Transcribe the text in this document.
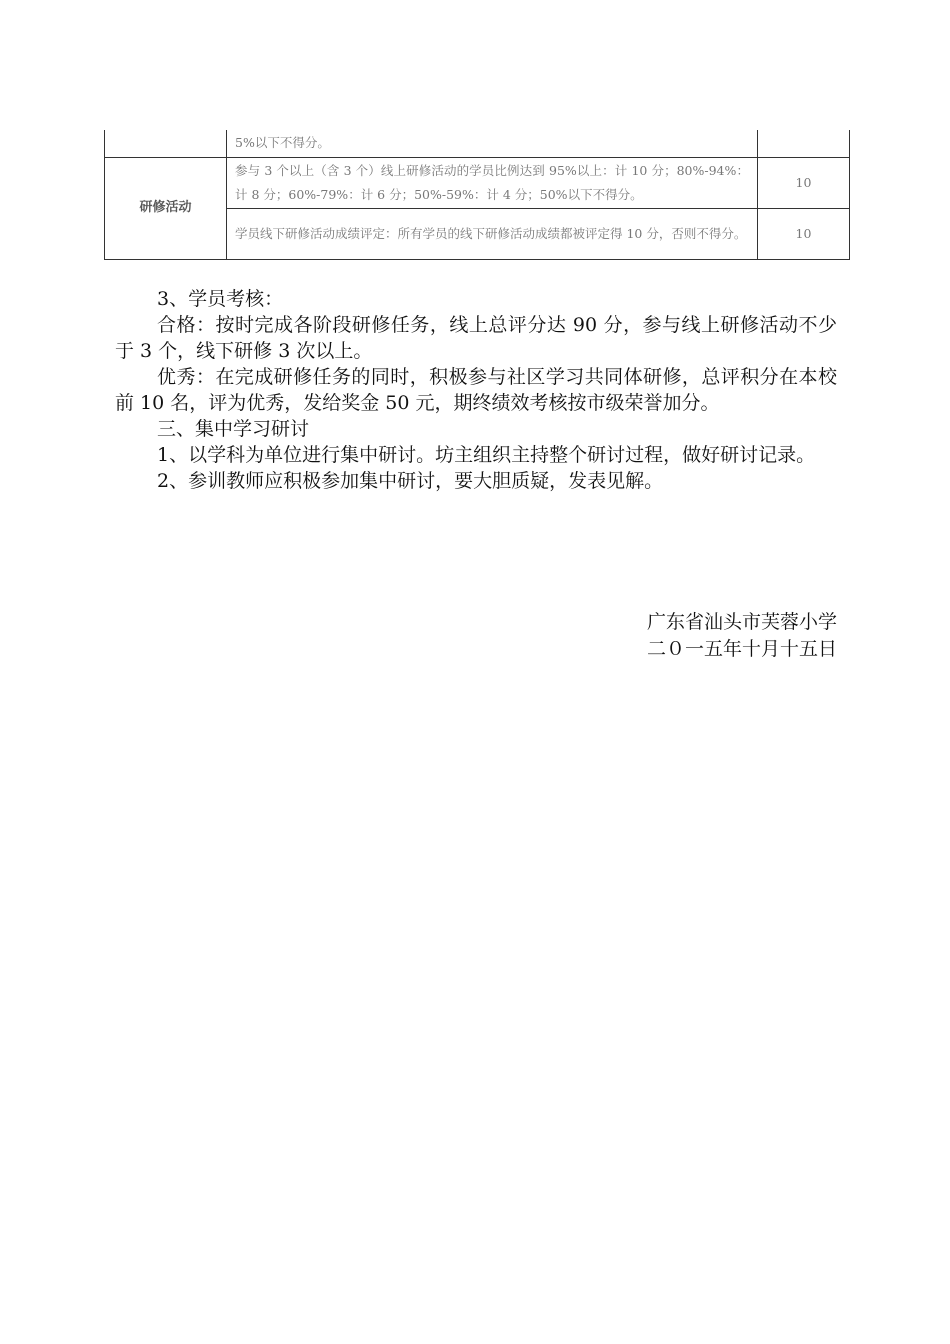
	5%以下不得分。	
研修活动	参与 3 个以上（含 3 个）线上研修活动的学员比例达到 95%以上：计 10 分；80%-94%：计 8 分；60%-79%：计 6 分；50%-59%：计 4 分；50%以下不得分。	10
	学员线下研修活动成绩评定：所有学员的线下研修活动成绩都被评定得 10 分，否则不得分。	10

3、学员考核：

合格：按时完成各阶段研修任务，线上总评分达 90 分，参与线上研修活动不少于 3 个，线下研修 3 次以上。

优秀：在完成研修任务的同时，积极参与社区学习共同体研修，总评积分在本校前 10 名，评为优秀，发给奖金 50 元，期终绩效考核按市级荣誉加分。

三、集中学习研讨

1、以学科为单位进行集中研讨。坊主组织主持整个研讨过程，做好研讨记录。

2、参训教师应积极参加集中研讨，要大胆质疑，发表见解。

广东省汕头市芙蓉小学
二０一五年十月十五日
